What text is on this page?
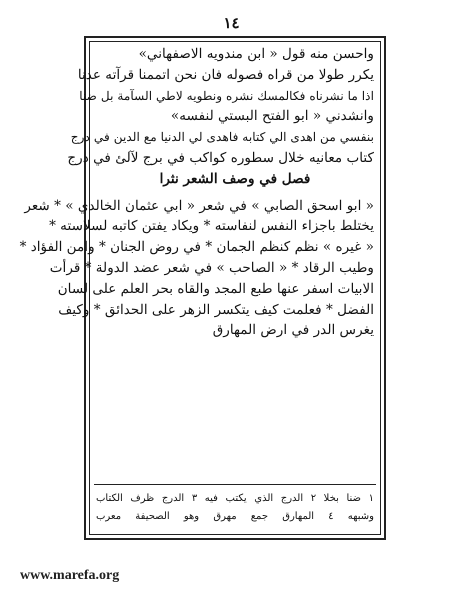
١٤
واحسن منه قول « ابن مندويه الاصفهاني»
يكرر طولا من قراه فصوله فان نحن اتممنا قرآته عدنا
اذا ما نشرناه فكالمسك نشره ونطويه لاطي السآمة بل ضنا
وانشدني « ابو الفتح البستي لنفسه»
بنفسي من اهدى الي كتابه فاهدى لي الدنيا مع الدين في درج
كتاب معانيه خلال سطوره كواكب في برج لآلئ في درج
فصل في وصف الشعر نثرا
« ابو اسحق الصابي » في شعر « ابي عثمان الخالدي » * شعر
يختلط باجزاء النفس لنفاسته * ويكاد يفتن كاتبه لسلاسته *
« غيره » نظم كنظم الجمان * في روض الجنان * وامن الفؤاد *
وطيب الرقاد * « الصاحب » في شعر عضد الدولة * قرأت
الابيات اسفر عنها طبع المجد والقاه بحر العلم على لسان
الفضل * فعلمت كيف يتكسر الزهر على الحدائق * وكيف
يغرس الدر في ارض المهارق
١ ضنا بخلا ٢ الدرج الذي يكتب فيه ٣ الدرج ظرف الكتاب
وشبهه ٤ المهارق جمع مهرق وهو الصحيفة معرب
www.marefa.org
